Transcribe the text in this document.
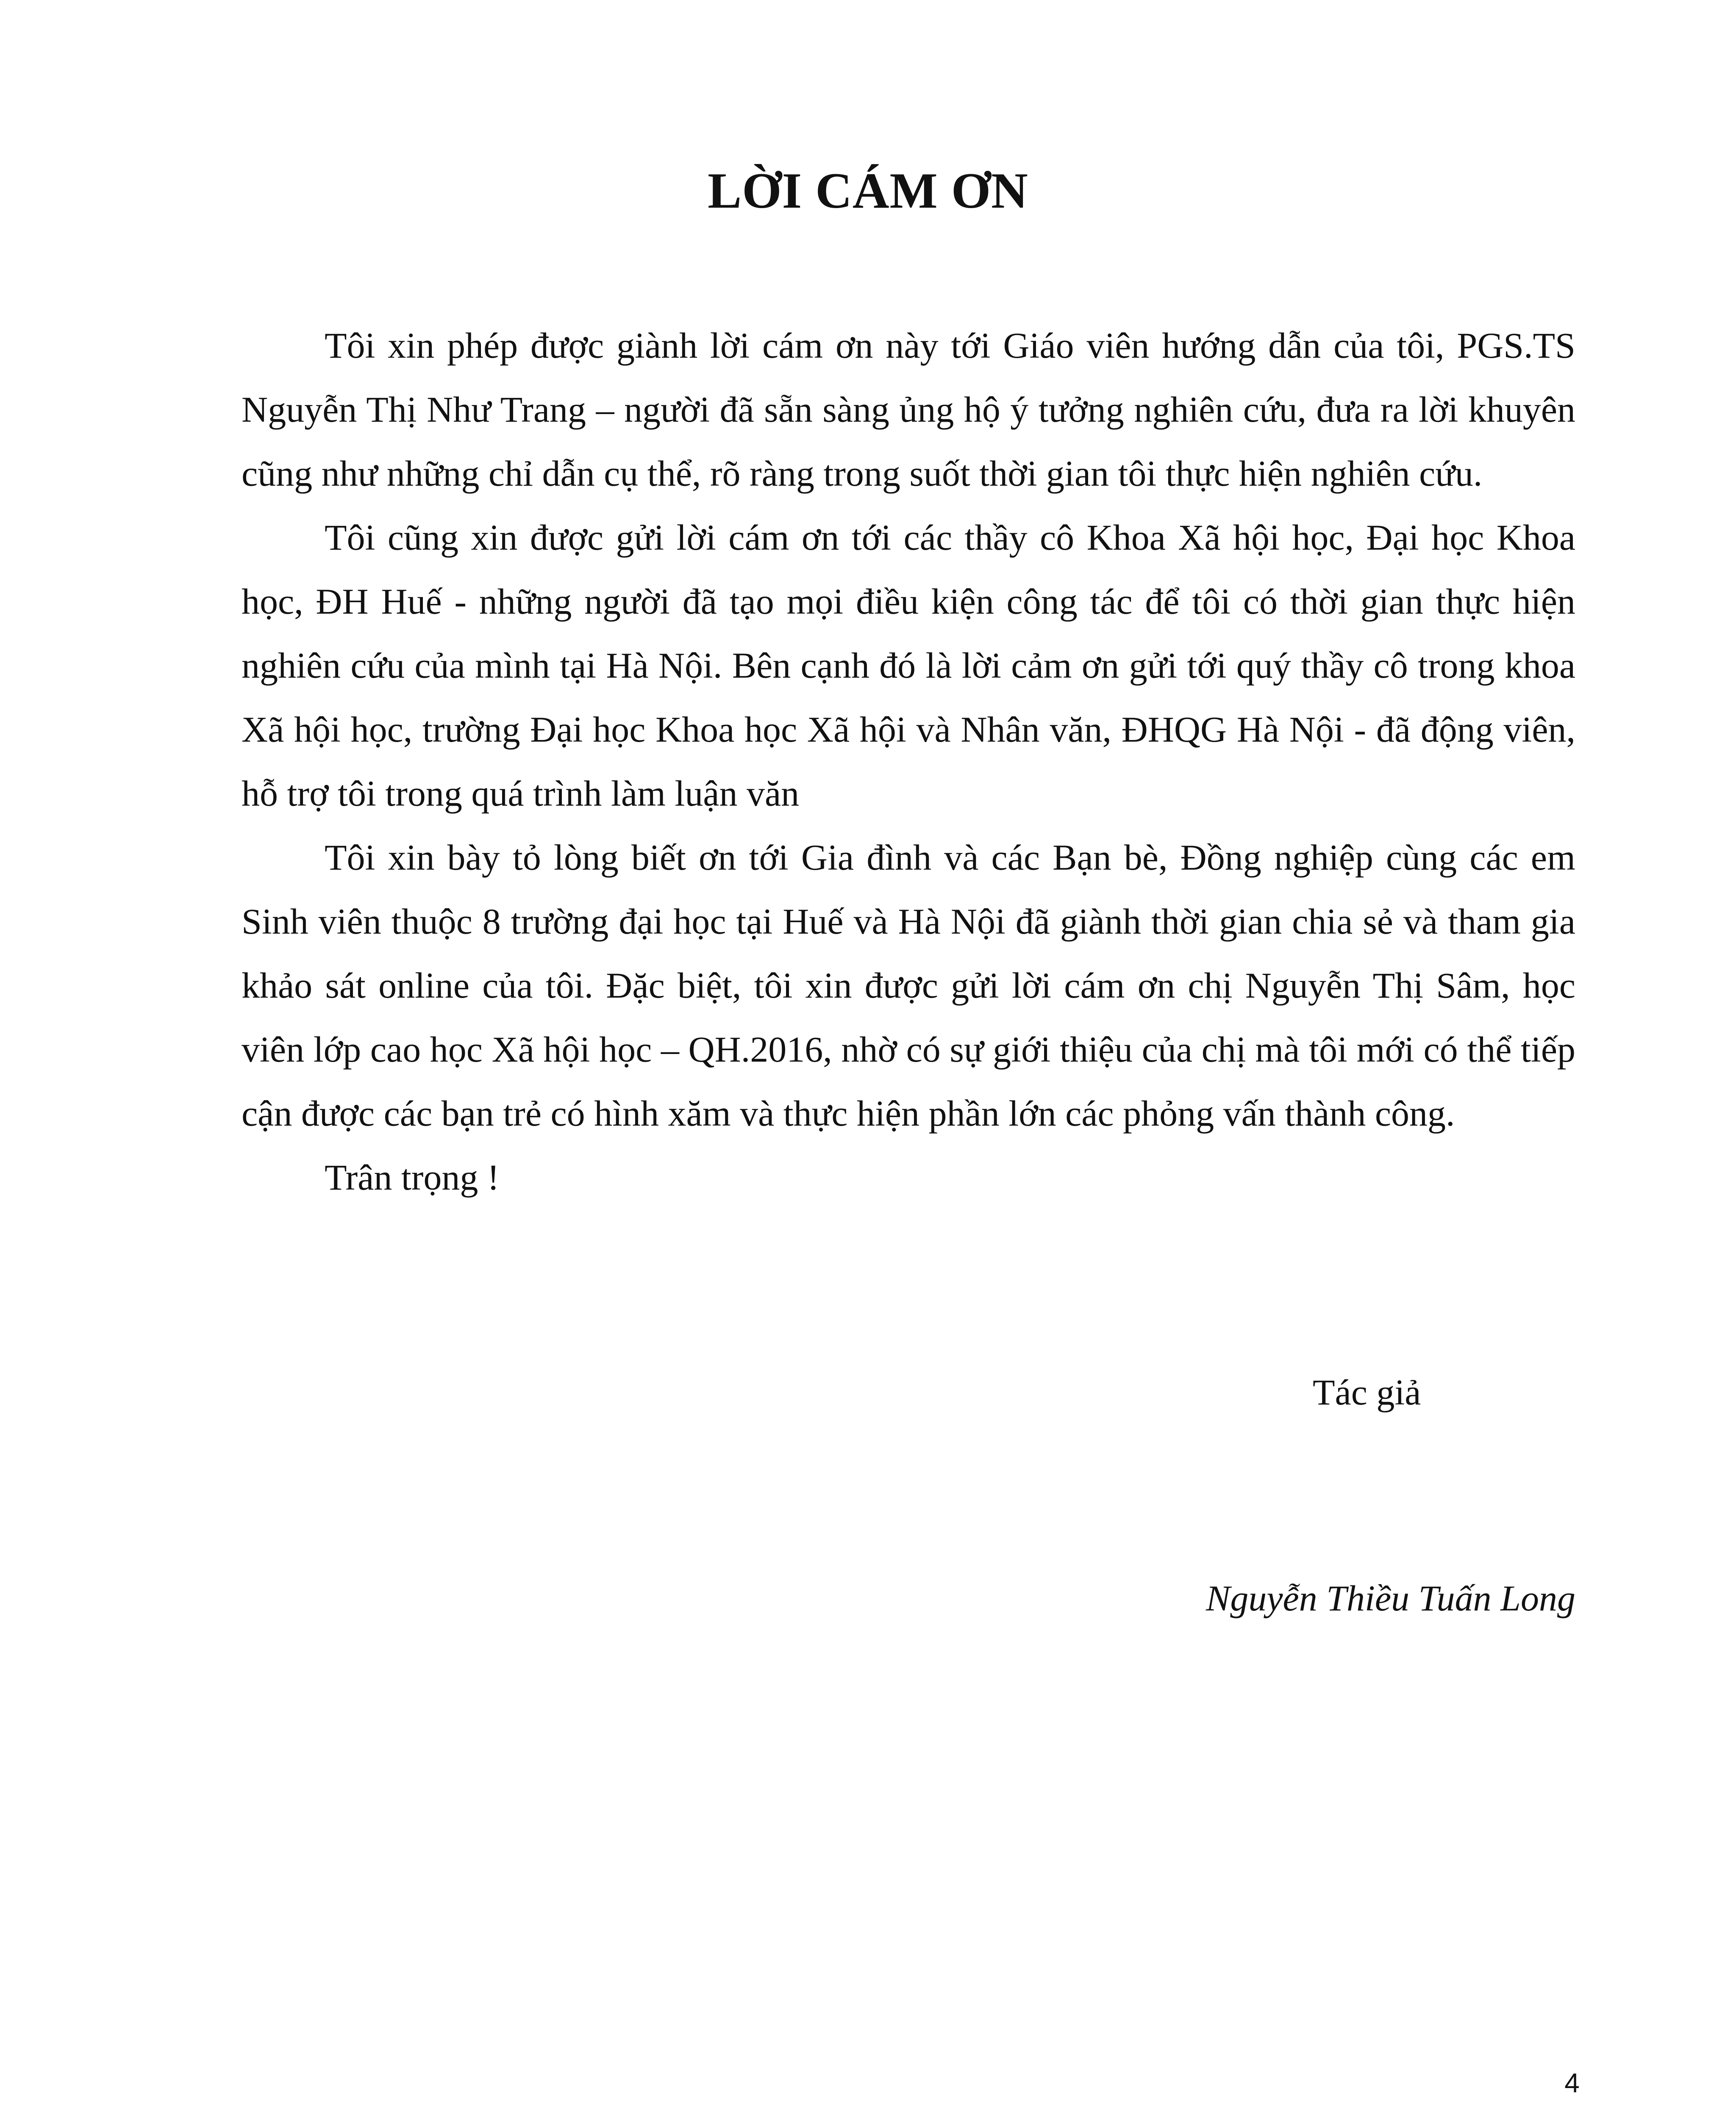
LỜI CÁM ƠN

Tôi xin phép được giành lời cám ơn này tới Giáo viên hướng dẫn của tôi, PGS.TS Nguyễn Thị Như Trang – người đã sẵn sàng ủng hộ ý tưởng nghiên cứu, đưa ra lời khuyên cũng như những chỉ dẫn cụ thể, rõ ràng trong suốt thời gian tôi thực hiện nghiên cứu.

Tôi cũng xin được gửi lời cám ơn tới các thầy cô Khoa Xã hội học, Đại học Khoa học, ĐH Huế - những người đã tạo mọi điều kiện công tác để tôi có thời gian thực hiện nghiên cứu của mình tại Hà Nội. Bên cạnh đó là lời cảm ơn gửi tới quý thầy cô trong khoa Xã hội học, trường Đại học Khoa học Xã hội và Nhân văn, ĐHQG Hà Nội - đã động viên, hỗ trợ tôi trong quá trình làm luận văn

Tôi xin bày tỏ lòng biết ơn tới Gia đình và các Bạn bè, Đồng nghiệp cùng các em Sinh viên thuộc 8 trường đại học tại Huế và Hà Nội đã giành thời gian chia sẻ và tham gia khảo sát online của tôi. Đặc biệt, tôi xin được gửi lời cám ơn chị Nguyễn Thị Sâm, học viên lớp cao học Xã hội học – QH.2016, nhờ có sự giới thiệu của chị mà tôi mới có thể tiếp cận được các bạn trẻ có hình xăm và thực hiện phần lớn các phỏng vấn thành công.

Trân trọng !

Tác giả
Nguyễn Thiều Tuấn Long
4
